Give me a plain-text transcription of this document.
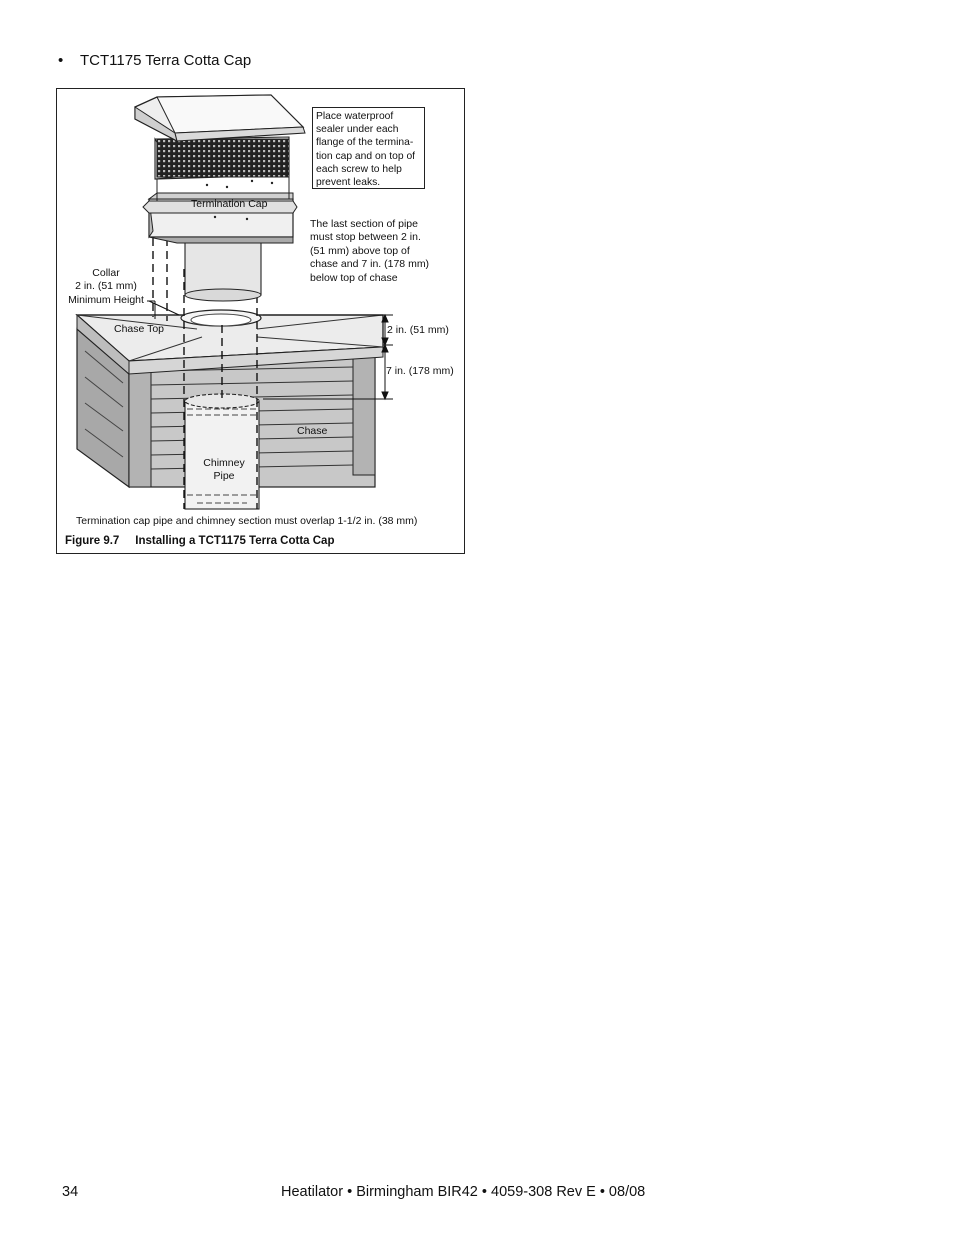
• TCT1175 Terra Cotta Cap
Termination Cap
Place waterproof sealer under each flange of the termina-tion cap and on top of each screw to help prevent leaks.
The last section of pipe must stop between 2 in. (51 mm) above top of chase and 7 in. (178 mm) below top of chase
Collar
2 in. (51 mm)
Minimum Height
Chase Top	2 in. (51 mm)
7 in. (178 mm)
Chase
Chimney
Pipe
Termination cap pipe and chimney section must overlap 1-1/2 in. (38 mm)
Figure 9.7     Installing a TCT1175 Terra Cotta Cap
34	Heatilator • Birmingham BIR42 • 4059-308 Rev E • 08/08
